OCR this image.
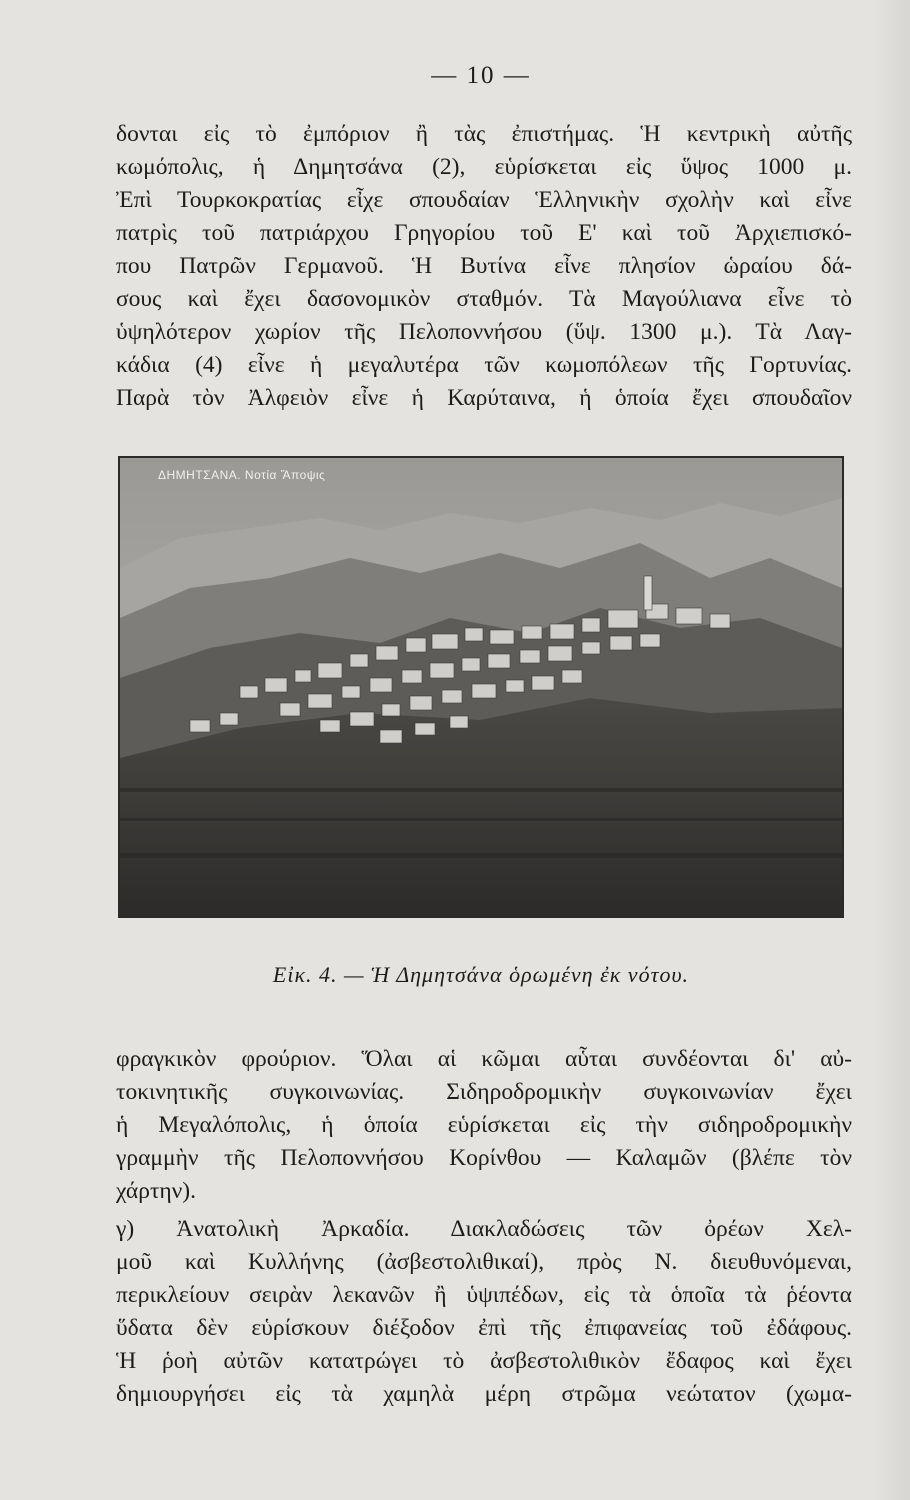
— 10 —
δονται εἰς τὸ ἐμπόριον ἢ τὰς ἐπιστήμας. Ἡ κεντρικὴ αὐτῆς
κωμόπολις, ἡ Δημητσάνα (2), εὑρίσκεται εἰς ὕψος 1000 μ.
Ἐπὶ Τουρκοκρατίας εἶχε σπουδαίαν Ἑλληνικὴν σχολὴν καὶ εἶνε
πατρὶς τοῦ πατριάρχου Γρηγορίου τοῦ Ε' καὶ τοῦ Ἀρχιεπισκό-
που Πατρῶν Γερμανοῦ. Ἡ Βυτίνα εἶνε πλησίον ὡραίου δά-
σους καὶ ἔχει δασονομικὸν σταθμόν. Τὰ Μαγούλιανα εἶνε τὸ
ὑψηλότερον χωρίον τῆς Πελοποννήσου (ὕψ. 1300 μ.). Τὰ Λαγ-
κάδια (4) εἶνε ἡ μεγαλυτέρα τῶν κωμοπόλεων τῆς Γορτυνίας.
Παρὰ τὸν Ἀλφειὸν εἶνε ἡ Καρύταινα, ἡ ὁποία ἔχει σπουδαῖον
ΔΗΜΗΤΣΑΝΑ. Νοτία Ἄποψις
Εἰκ. 4. — Ἡ Δημητσάνα ὁρωμένη ἐκ νότου.
φραγκικὸν φρούριον. Ὅλαι αἱ κῶμαι αὗται συνδέονται δι' αὐ-
τοκινητικῆς συγκοινωνίας. Σιδηροδρομικὴν συγκοινωνίαν ἔχει
ἡ Μεγαλόπολις, ἡ ὁποία εὑρίσκεται εἰς τὴν σιδηροδρομικὴν
γραμμὴν τῆς Πελοποννήσου Κορίνθου — Καλαμῶν (βλέπε τὸν
χάρτην).
γ) Ἀνατολικὴ Ἀρκαδία. Διακλαδώσεις τῶν ὀρέων Χελ-
μοῦ καὶ Κυλλήνης (ἀσβεστολιθικαί), πρὸς Ν. διευθυνόμεναι,
περικλείουν σειρὰν λεκανῶν ἢ ὑψιπέδων, εἰς τὰ ὁποῖα τὰ ῥέοντα
ὕδατα δὲν εὑρίσκουν διέξοδον ἐπὶ τῆς ἐπιφανείας τοῦ ἐδάφους.
Ἡ ῥοὴ αὐτῶν κατατρώγει τὸ ἀσβεστολιθικὸν ἔδαφος καὶ ἔχει
δημιουργήσει εἰς τὰ χαμηλὰ μέρη στρῶμα νεώτατον (χωμα-
